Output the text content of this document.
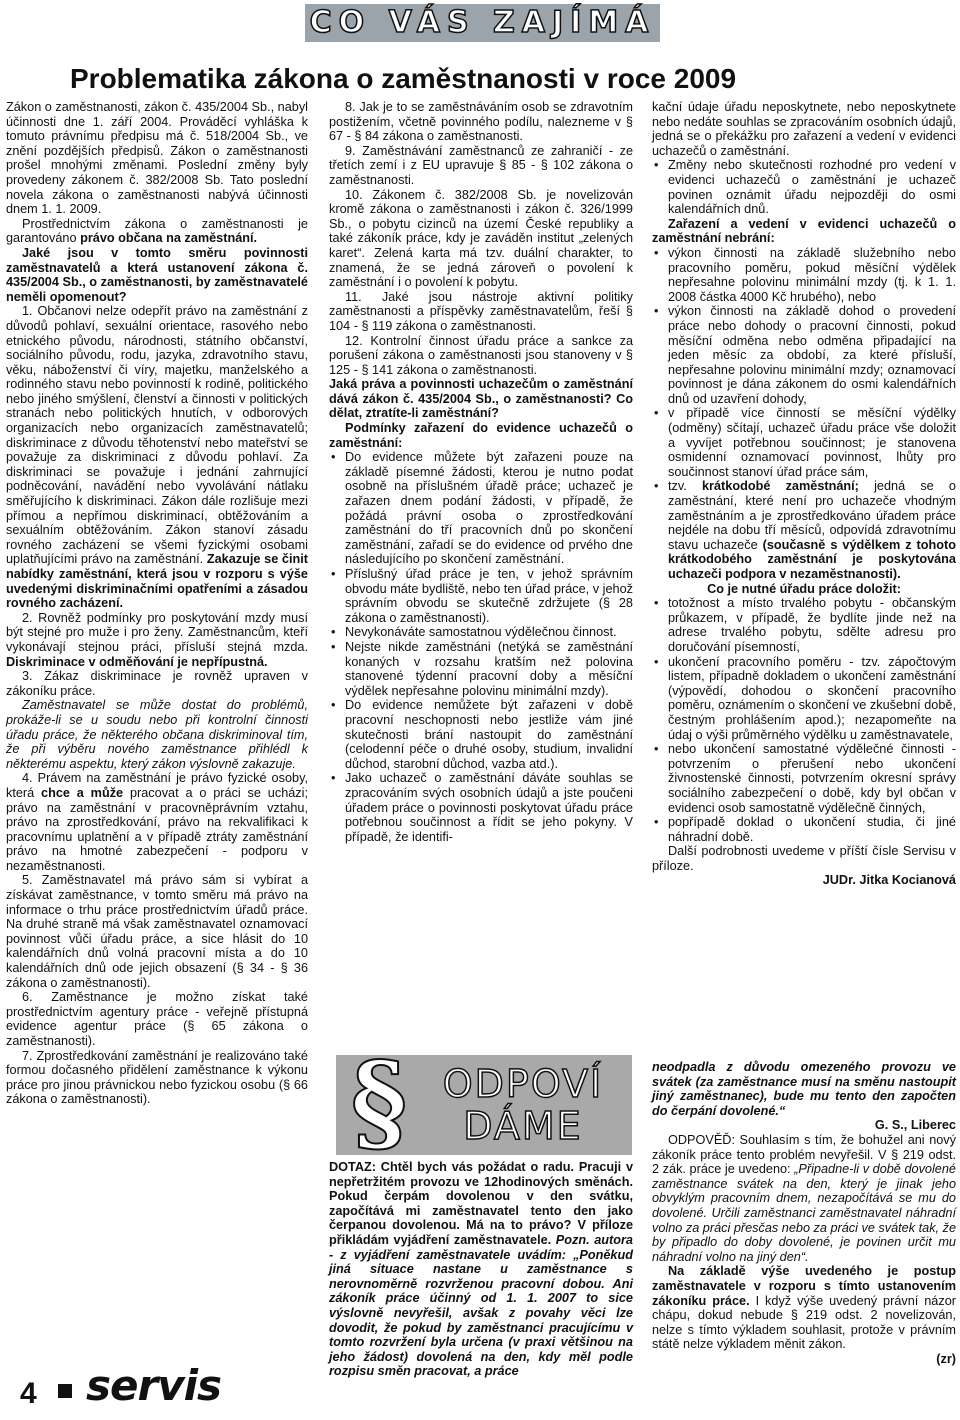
CO VÁS ZAJÍMÁ
Problematika zákona o zaměstnanosti v roce 2009

Zákon o zaměstnanosti, zákon č. 435/2004 Sb., nabyl účinnosti dne 1. září 2004. Prováděcí vyhláška k tomuto právnímu předpisu má č. 518/2004 Sb., ve znění pozdějších předpisů. Zákon o zaměstnanosti prošel mnohými změnami. Poslední změny byly provedeny zákonem č. 382/2008 Sb. Tato poslední novela zákona o zaměstnanosti nabývá účinnosti dnem 1. 1. 2009.

Prostřednictvím zákona o zaměstnanosti je garantováno právo občana na zaměstnání.

Jaké jsou v tomto směru povinnosti zaměstnavatelů a která ustanovení zákona č. 435/2004 Sb., o zaměstnanosti, by zaměstnavatelé neměli opomenout?

1. Občanovi nelze odepřít právo na zaměstnání z důvodů pohlaví, sexuální orientace, rasového nebo etnického původu, národnosti, státního občanství, sociálního původu, rodu, jazyka, zdravotního stavu, věku, náboženství či víry, majetku, manželského a rodinného stavu nebo povinností k rodině, politického nebo jiného smýšlení, členství a činnosti v politických stranách nebo politických hnutích, v odborových organizacích nebo organizacích zaměstnavatelů; diskriminace z důvodu těhotenství nebo mateřství se považuje za diskriminaci z důvodu pohlaví. Za diskriminaci se považuje i jednání zahrnující podněcování, navádění nebo vyvolávání nátlaku směřujícího k diskriminaci. Zákon dále rozlišuje mezi přímou a nepřímou diskriminací, obtěžováním a sexuálním obtěžováním. Zákon stanoví zásadu rovného zacházení se všemi fyzickými osobami uplatňujícími právo na zaměstnání. Zakazuje se činit nabídky zaměstnání, která jsou v rozporu s výše uvedenými diskriminačními opatřeními a zásadou rovného zacházení.

2. Rovněž podmínky pro poskytování mzdy musí být stejné pro muže i pro ženy. Zaměstnancům, kteří vykonávají stejnou práci, přísluší stejná mzda. Diskriminace v odměňování je nepřípustná.

3. Zákaz diskriminace je rovněž upraven v zákoníku práce.

Zaměstnavatel se může dostat do problémů, prokáže-li se u soudu nebo při kontrolní činnosti úřadu práce, že některého občana diskriminoval tím, že při výběru nového zaměstnance přihlédl k některému aspektu, který zákon výslovně zakazuje.

4. Právem na zaměstnání je právo fyzické osoby, která chce a může pracovat a o práci se ucházi; právo na zaměstnání v pracovněprávním vztahu, právo na zprostředkování, právo na rekvalifikaci k pracovnímu uplatnění a v případě ztráty zaměstnání právo na hmotné zabezpečení - podporu v nezaměstnanosti.

5. Zaměstnavatel má právo sám si vybírat a získávat zaměstnance, v tomto směru má právo na informace o trhu práce prostřednictvím úřadů práce. Na druhé straně má však zaměstnavatel oznamovací povinnost vůči úřadu práce, a sice hlásit do 10 kalendářních dnů volná pracovní místa a do 10 kalendářních dnů ode jejich obsazení (§ 34 - § 36 zákona o zaměstnanosti).

6. Zaměstnance je možno získat také prostřednictvím agentury práce - veřejně přístupná evidence agentur práce (§ 65 zákona o zaměstnanosti).

7. Zprostředkování zaměstnání je realizováno také formou dočasného přidělení zaměstnance k výkonu práce pro jinou právnickou nebo fyzickou osobu (§ 66 zákona o zaměstnanosti).

8. Jak je to se zaměstnáváním osob se zdravotním postižením, včetně povinného podílu, nalezneme v § 67 - § 84 zákona o zaměstnanosti.

9. Zaměstnávání zaměstnanců ze zahraničí - ze třetích zemí i z EU upravuje § 85 - § 102 zákona o zaměstnanosti.

10. Zákonem č. 382/2008 Sb. je novelizován kromě zákona o zaměstnanosti i zákon č. 326/1999 Sb., o pobytu cizinců na území České republiky a také zákoník práce, kdy je zaváděn institut „zelených karet“. Zelená karta má tzv. duální charakter, to znamená, že se jedná zároveň o povolení k zaměstnání i o povolení k pobytu.

11. Jaké jsou nástroje aktivní politiky zaměstnanosti a příspěvky zaměstnavatelům, řeší § 104 - § 119 zákona o zaměstnanosti.

12. Kontrolní činnost úřadu práce a sankce za porušení zákona o zaměstnanosti jsou stanoveny v § 125 - § 141 zákona o zaměstnanosti.

Jaká práva a povinnosti uchazečům o zaměstnání dává zákon č. 435/2004 Sb., o zaměstnanosti? Co dělat, ztratíte-li zaměstnání?

Podmínky zařazení do evidence uchazečů o zaměstnání:

• Do evidence můžete být zařazeni pouze na základě písemné žádosti, kterou je nutno podat osobně na příslušném úřadě práce; uchazeč je zařazen dnem podání žádosti, v případě, že požádá právní osoba o zprostředkování zaměstnání do tří pracovních dnů po skončení zaměstnání, zařadí se do evidence od prvého dne následujícího po skončení zaměstnání.
• Příslušný úřad práce je ten, v jehož správním obvodu máte bydliště, nebo ten úřad práce, v jehož správním obvodu se skutečně zdržujete (§ 28 zákona o zaměstnanosti).
• Nevykonáváte samostatnou výdělečnou činnost.
• Nejste nikde zaměstnáni (netýká se zaměstnání konaných v rozsahu kratším než polovina stanovené týdenní pracovní doby a měsíční výdělek nepřesahne polovinu minimální mzdy).
• Do evidence nemůžete být zařazeni v době pracovní neschopnosti nebo jestliže vám jiné skutečnosti brání nastoupit do zaměstnání (celodenní péče o druhé osoby, studium, invalidní důchod, starobní důchod, vazba atd.).
• Jako uchazeč o zaměstnání dáváte souhlas se zpracováním svých osobních údajů a jste poučeni úřadem práce o povinnosti poskytovat úřadu práce potřebnou součinnost a řídit se jeho pokyny. V případě, že identifi-
§ ODPOVÍ
DÁME

DOTAZ: Chtěl bych vás požádat o radu. Pracuji v nepřetržitém provozu ve 12hodinových směnách. Pokud čerpám dovolenou v den svátku, započítává mi zaměstnavatel tento den jako čerpanou dovolenou. Má na to právo? V příloze přikládám vyjádření zaměstnavatele. Pozn. autora - z vyjádření zaměstnavatele uvádím: „Poněkud jiná situace nastane u zaměstnance s nerovnoměrně rozvrženou pracovní dobou. Ani zákoník práce účinný od 1. 1. 2007 to sice výslovně nevyřešil, avšak z povahy věci lze dovodit, že pokud by zaměstnanci pracujícímu v tomto rozvržení byla určena (v praxi většinou na jeho žádost) dovolená na den, kdy měl podle rozpisu směn pracovat, a práce

kační údaje úřadu neposkytnete, nebo neposkytnete nebo nedáte souhlas se zpracováním osobních údajů, jedná se o překážku pro zařazení a vedení v evidenci uchazečů o zaměstnání.

• Změny nebo skutečnosti rozhodné pro vedení v evidenci uchazečů o zaměstnání je uchazeč povinen oznámit úřadu nejpozději do osmi kalendářních dnů.

Zařazení a vedení v evidenci uchazečů o zaměstnání nebrání:

• výkon činnosti na základě služebního nebo pracovního poměru, pokud měsíční výdělek nepřesahne polovinu minimální mzdy (tj. k 1. 1. 2008 částka 4000 Kč hrubého), nebo
• výkon činnosti na základě dohod o provedení práce nebo dohody o pracovní činnosti, pokud měsíční odměna nebo odměna připadající na jeden měsíc za období, za které přísluší, nepřesahne polovinu minimální mzdy; oznamovací povinnost je dána zákonem do osmi kalendářních dnů od uzavření dohody,
• v případě více činností se měsíční výdělky (odměny) sčítají, uchazeč úřadu práce vše doložit a vyvíjet potřebnou součinnost; je stanovena osmidenní oznamovací povinnost, lhůty pro součinnost stanoví úřad práce sám,
• tzv. krátkodobé zaměstnání; jedná se o zaměstnání, které není pro uchazeče vhodným zaměstnáním a je zprostředkováno úřadem práce nejdéle na dobu tří měsíců, odpovídá zdravotnímu stavu uchazeče (současně s výdělkem z tohoto krátkodobého zaměstnání je poskytována uchazeči podpora v nezaměstnanosti).

Co je nutné úřadu práce doložit:

• totožnost a místo trvalého pobytu - občanským průkazem, v případě, že bydlíte jinde než na adrese trvalého pobytu, sdělte adresu pro doručování písemností,
• ukončení pracovního poměru - tzv. zápočtovým listem, případně dokladem o ukončení zaměstnání (výpovědí, dohodou o skončení pracovního poměru, oznámením o skončení ve zkušební době, čestným prohlášením apod.); nezapomeňte na údaj o výši průměrného výdělku u zaměstnavatele,
• nebo ukončení samostatné výdělečné činnosti - potvrzením o přerušení nebo ukončení živnostenské činnosti, potvrzením okresní správy sociálního zabezpečení o době, kdy byl občan v evidenci osob samostatně výdělečně činných,
• popřípadě doklad o ukončení studia, či jiné náhradní době.

Další podrobnosti uvedeme v příští čísle Servisu v příloze.

JUDr. Jitka Kocianová

neodpadla z důvodu omezeného provozu ve svátek (za zaměstnance musí na směnu nastoupit jiný zaměstnanec), bude mu tento den započten do čerpání dovolené.“

G. S., Liberec

ODPOVĚĎ: Souhlasím s tím, že bohužel ani nový zákoník práce tento problém nevyřešil. V § 219 odst. 2 zák. práce je uvedeno: „Připadne-li v době dovolené zaměstnance svátek na den, který je jinak jeho obvyklým pracovním dnem, nezapočítává se mu do dovolené. Určili zaměstnanci zaměstnavatel náhradní volno za práci přesčas nebo za práci ve svátek tak, že by připadlo do doby dovolené, je povinen určit mu náhradní volno na jiný den“.

Na základě výše uvedeného je postup zaměstnavatele v rozporu s tímto ustanovením zákoníku práce. I když výše uvedený právní názor chápu, dokud nebude § 219 odst. 2 novelizován, nelze s tímto výkladem souhlasit, protože v právním státě nelze výkladem měnit zákon.

(zr)

4 servis
